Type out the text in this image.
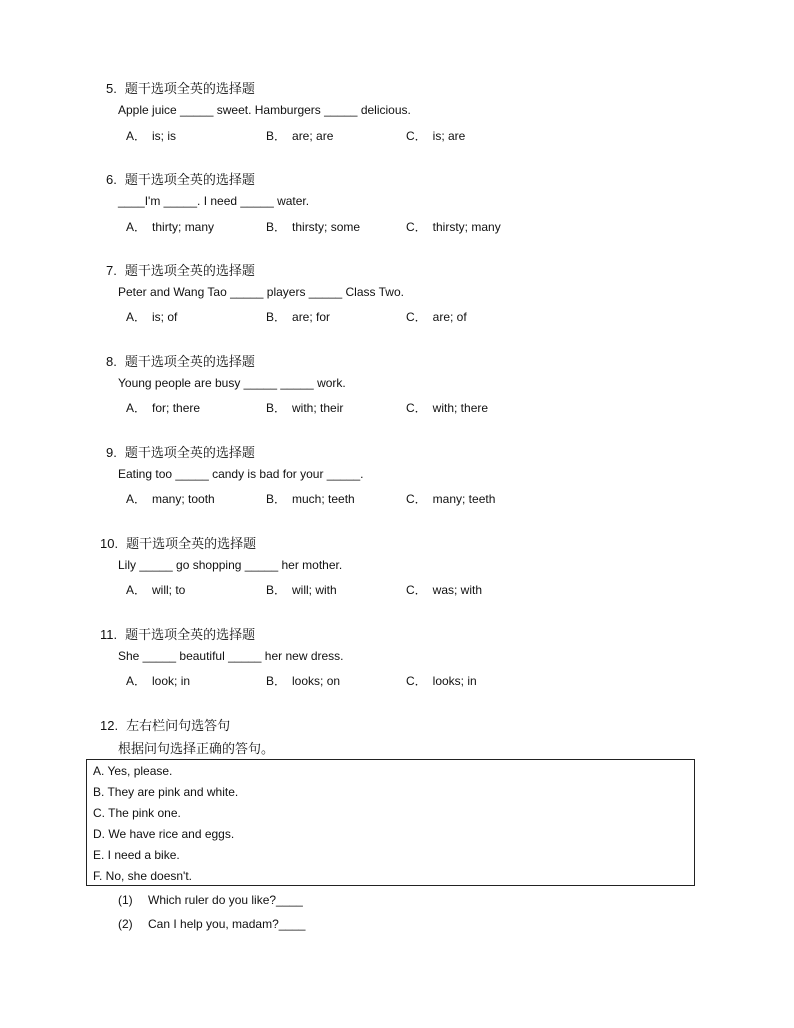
5. 题干选项全英的选择题
Apple juice _____ sweet. Hamburgers _____ delicious.
A． is; is	B． are; are	C． is; are
6. 题干选项全英的选择题
____I'm _____. I need _____ water.
A． thirty; many	B． thirsty; some	C． thirsty; many
7. 题干选项全英的选择题
Peter and Wang Tao _____ players _____ Class Two.
A． is; of	B． are; for	C． are; of
8. 题干选项全英的选择题
Young people are busy _____ _____ work.
A． for; there	B． with; their	C． with; there
9. 题干选项全英的选择题
Eating too _____ candy is bad for your _____.
A． many; tooth	B． much; teeth	C． many; teeth
10. 题干选项全英的选择题
Lily _____ go shopping _____ her mother.
A． will; to	B． will; with	C． was; with
11. 题干选项全英的选择题
She _____ beautiful _____ her new dress.
A． look; in	B． looks; on	C． looks; in
12. 左右栏问句选答句
根据问句选择正确的答句。
A. Yes, please.
B. They are pink and white.
C. The pink one.
D. We have rice and eggs.
E. I need a bike.
F. No, she doesn't.
(1) Which ruler do you like?____
(2) Can I help you, madam?____
